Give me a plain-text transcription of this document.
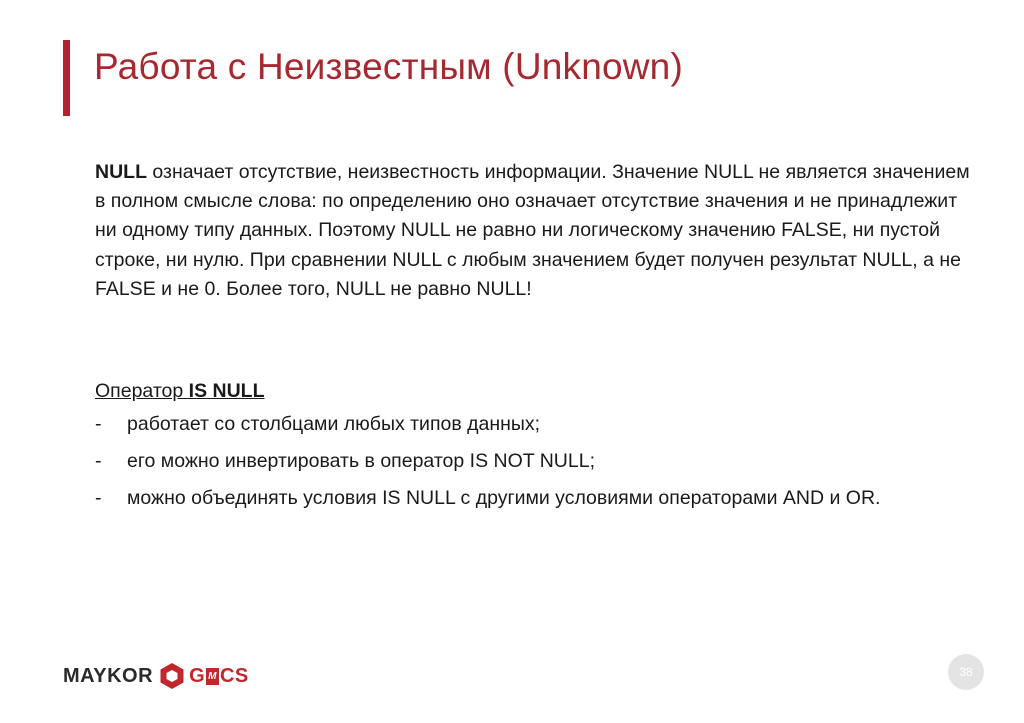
Работа с Неизвестным (Unknown)
NULL означает отсутствие, неизвестность информации. Значение NULL не является значением в полном смысле слова: по определению оно означает отсутствие значения и не принадлежит ни одному типу данных. Поэтому NULL не равно ни логическому значению FALSE, ни пустой строке, ни нулю. При сравнении NULL с любым значением будет получен результат NULL, а не FALSE и не 0. Более того, NULL не равно NULL!
Оператор IS NULL
- работает со столбцами любых типов данных;
- его можно инвертировать в оператор IS NOT NULL;
- можно объединять условия IS NULL с другими условиями операторами AND и OR.
MAYKOR G M CS	38
